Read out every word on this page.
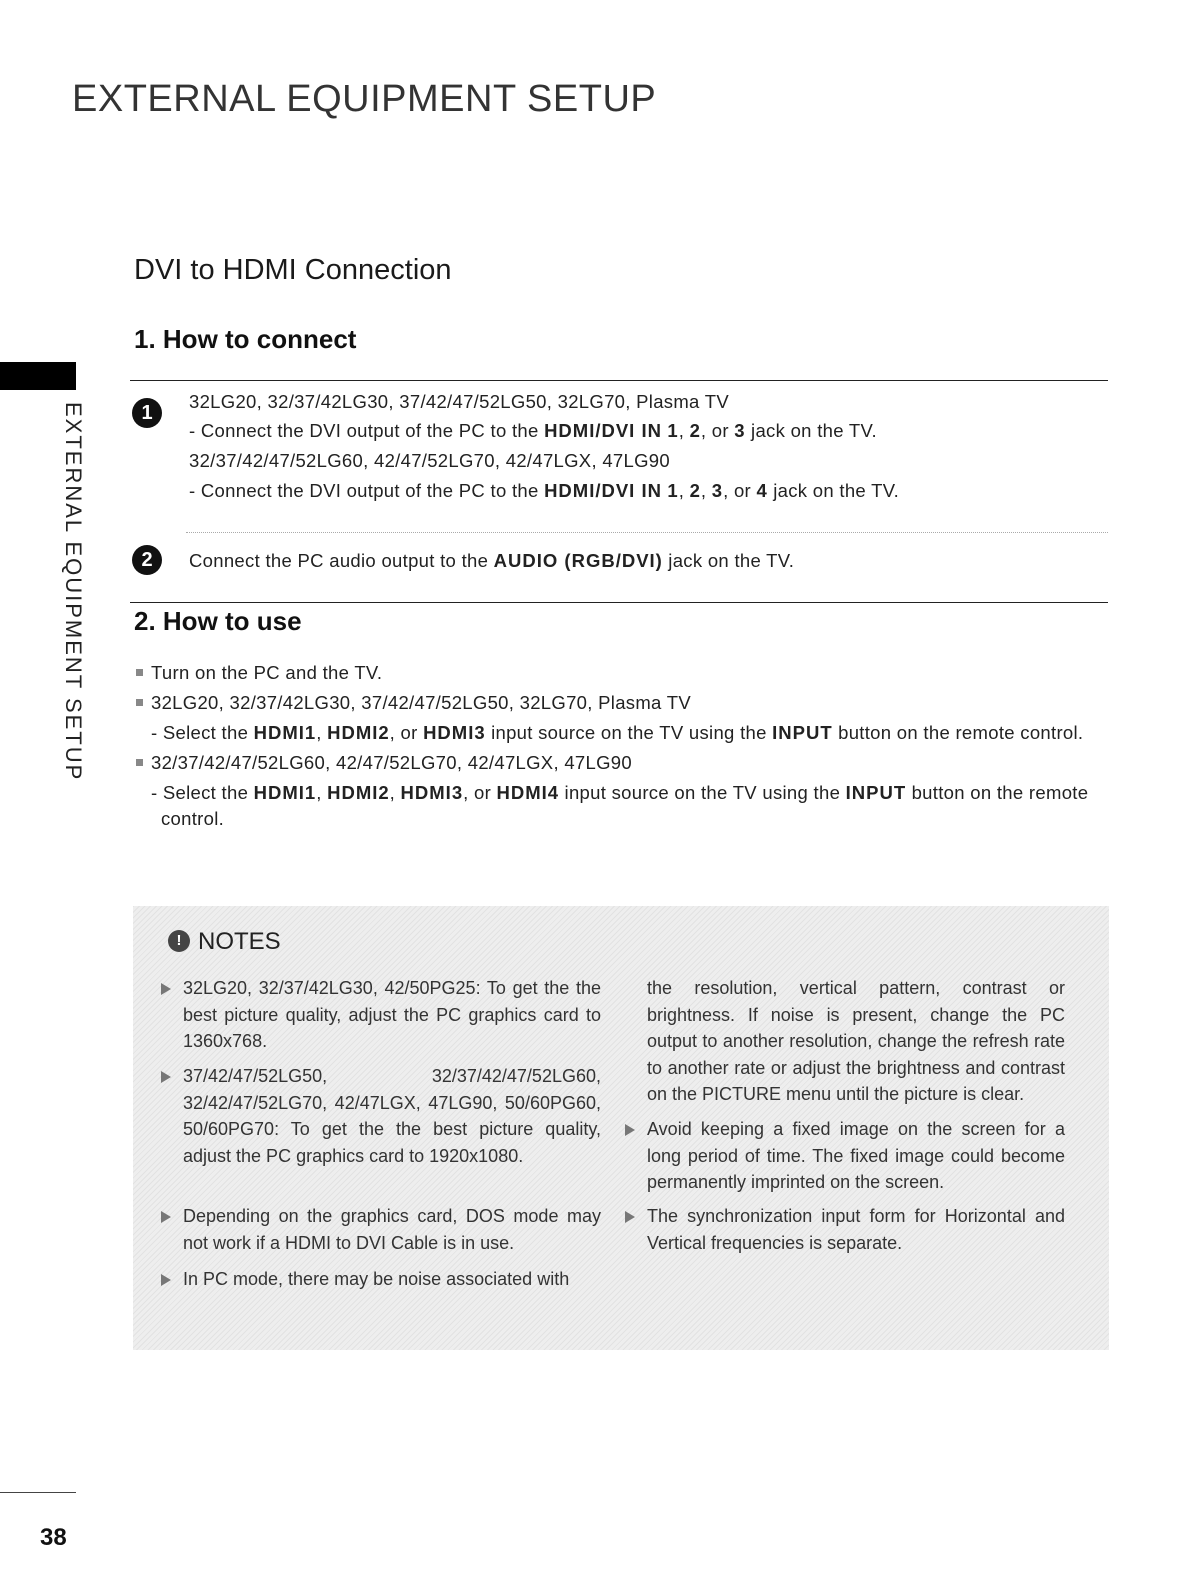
EXTERNAL EQUIPMENT SETUP
EXTERNAL EQUIPMENT SETUP
DVI to HDMI Connection
1. How to connect
1
32LG20, 32/37/42LG30, 37/42/47/52LG50, 32LG70, Plasma TV
- Connect the DVI output of the PC to the HDMI/DVI IN 1, 2, or 3 jack on the TV.
32/37/42/47/52LG60, 42/47/52LG70, 42/47LGX, 47LG90
- Connect the DVI output of the PC to the HDMI/DVI IN 1, 2, 3, or 4 jack on the TV.
2	Connect the PC audio output to the AUDIO (RGB/DVI) jack on the TV.
2. How to use
Turn on the PC and the TV.
32LG20, 32/37/42LG30, 37/42/47/52LG50, 32LG70, Plasma TV
- Select the HDMI1, HDMI2, or HDMI3 input source on the TV using the INPUT button on the remote control.
32/37/42/47/52LG60, 42/47/52LG70, 42/47LGX, 47LG90
- Select the HDMI1, HDMI2, HDMI3, or HDMI4 input source on the TV using the INPUT button on the remote
control.
! NOTES
32LG20, 32/37/42LG30, 42/50PG25: To get the the best picture quality, adjust the PC graphics card to 1360x768.
37/42/47/52LG50, 32/37/42/47/52LG60, 32/42/47/52LG70, 42/47LGX, 47LG90, 50/60PG60, 50/60PG70: To get the the best picture quality, adjust the PC graphics card to 1920x1080.
Depending on the graphics card, DOS mode may not work if a HDMI to DVI Cable is in use.
In PC mode, there may be noise associated with
the resolution, vertical pattern, contrast or brightness. If noise is present, change the PC output to another resolution, change the refresh rate to another rate or adjust the brightness and contrast on the PICTURE menu until the picture is clear.
Avoid keeping a fixed image on the screen for a long period of time. The fixed image could become permanently imprinted on the screen.
The synchronization input form for Horizontal and Vertical frequencies is separate.
38
